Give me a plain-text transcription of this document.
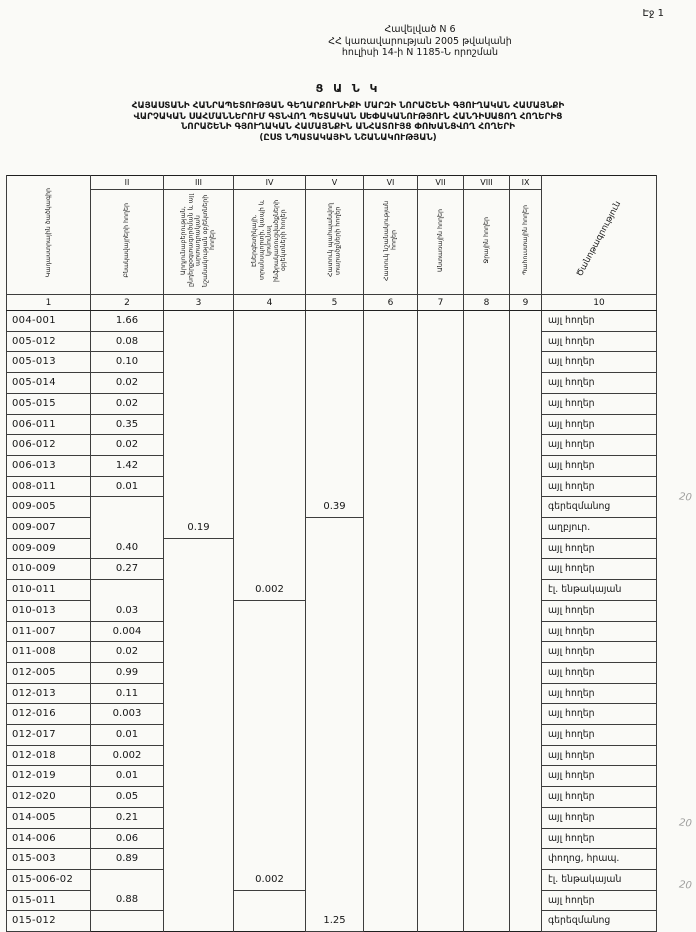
Էջ 1
Հավելված N 6
ՀՀ կառավարության 2005 թվականի
հուլիսի 14-ի N 1185-Ն որոշման
Ց Ա Ն Կ
ՀԱՅԱՍՏԱՆԻ ՀԱՆՐԱՊԵՏՈՒԹՅԱՆ ԳԵՂԱՐՔՈՒՆԻՔԻ ՄԱՐԶԻ ՆՈՐԱՇԵՆԻ ԳՅՈՒՂԱԿԱՆ ՀԱՄԱՅՆՔԻ
ՎԱՐՉԱԿԱՆ ՍԱՀՄԱՆՆԵՐՈՒՄ ԳՏՆՎՈՂ ՊԵՏԱԿԱՆ ՍԵՓԱԿԱՆՈՒԹՅՈՒՆ ՀԱՆԴԻՍԱՑՈՂ ՀՈՂԵՐԻՑ
ՆՈՐԱՇԵՆԻ ԳՅՈՒՂԱԿԱՆ ՀԱՄԱՅՆՔԻՆ ԱՆՀԱՏՈՒՅՑ ՓՈԽԱՆՑՎՈՂ ՀՈՂԵՐԻ
(ԸՍՏ ՆՊԱՏԱԿԱՅԻՆ ՆՇԱՆԱԿՈՒԹՅԱՆ)
Կադաստրային ծածկագիր	II	III	IV	V	VI	VII	VIII	IX	Ծանոթագրություն
	Բնակավայրերի հողեր	Արդյունաբերության, ընդերքօգտագործման և այլ արտադրական նշանակության օբյեկտների հողեր	Էներգետիկայի, տրանսպորտի, կապի և կոմունալ ինֆրակառուցվածքների օբյեկտների հողեր	Հատուկ պահպանվող տարածքների հողեր	Հատուկ նշանակության հողեր	Անտառային հողեր	Ջրային հողեր	Պահուստային հողեր	
1	2	3	4	5	6	7	8	9	10
004-001	1.66								այլ հողեր
005-012	0.08								այլ հողեր
005-013	0.10								այլ հողեր
005-014	0.02								այլ հողեր
005-015	0.02								այլ հողեր
006-011	0.35								այլ հողեր
006-012	0.02								այլ հողեր
006-013	1.42								այլ հողեր
008-011	0.01								այլ հողեր
009-005				0.39					գերեզմանոց
009-007		0.19							աղբյուր.
009-009	0.40								այլ հողեր
010-009	0.27								այլ հողեր
010-011			0.002						էլ. ենթակայան
010-013	0.03								այլ հողեր
011-007	0.004								այլ հողեր
011-008	0.02								այլ հողեր
012-005	0.99								այլ հողեր
012-013	0.11								այլ հողեր
012-016	0.003								այլ հողեր
012-017	0.01								այլ հողեր
012-018	0.002								այլ հողեր
012-019	0.01								այլ հողեր
012-020	0.05								այլ հողեր
014-005	0.21								այլ հողեր
014-006	0.06								այլ հողեր
015-003	0.89								փողոց, հրապ.
015-006-02			0.002						էլ. ենթակայան
015-011	0.88								այլ հողեր
015-012				1.25					գերեզմանոց
20
20
20
